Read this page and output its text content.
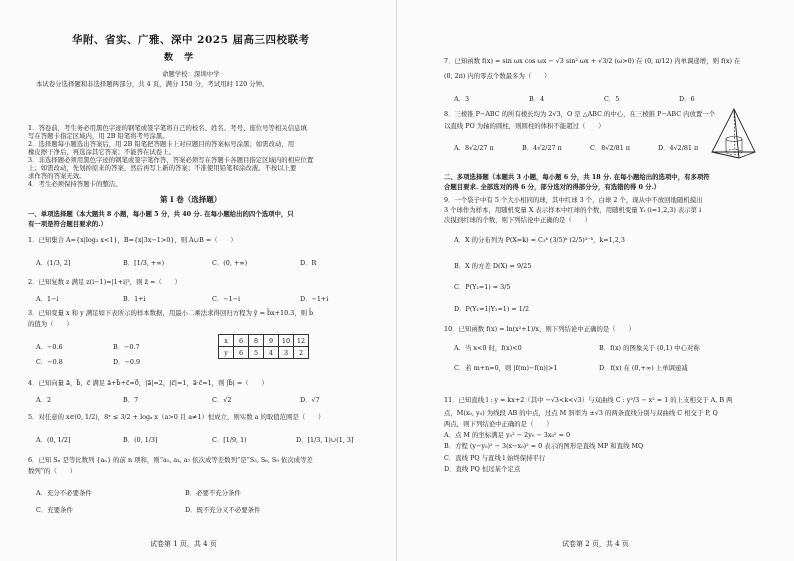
华附、省实、广雅、深中 2025 届高三四校联考
数 学
命题学校：深圳中学
本试卷分选择题和非选择题两部分，共 4 页，满分 150 分，考试用时 120 分钟。
1．答卷前，考生务必用黑色字迹的钢笔或签字笔将自己的校名、姓名、考号、座位号等相关信息填
写在答题卡指定区域内，用 2B 铅笔将考号涂黑。
2．选择题每小题选出答案后，用 2B 铅笔把答题卡上对应题目的答案标号涂黑；如需改动，用
橡皮擦干净后，再选涂其它答案；不能答在试卷上。
3．非选择题必须用黑色字迹的钢笔或签字笔作答，答案必须写在答题卡各题目指定区域内的相应位置
上；如需改动，先划掉原来的答案，然后再写上新的答案；不准使用铅笔和涂改液。不按以上要
求作答的答案无效。
4．考生必须保持答题卡的整洁。
第 I 卷（选择题）
一、单项选择题（本大题共 8 小题，每小题 5 分，共 40 分. 在每小题给出的四个选项中，只
有一项是符合题目要求的.）
1．已知集合 A={x|log₂ x<1}，B={x|3x−1>0}，则 A∪B =（　　）
A．(1/3, 2]	B．[1/3, +∞)	C．(0, +∞)	D．R
2．已知复数 z 满足 z(i−1)=|1+i|²，则 z̄ =（　　）
A．1−i	B．1+i	C．−1−i	D．−1+i
3．已知变量 x 和 y 满足如下表所示的样本数据，用最小二乘法求得回归方程为 ŷ = b̂x+10.3，则 b̂
的值为（　　）
A．−0.6	B．−0.7
C．−0.8	D．−0.9
x	6	8	9	10	12
y	6	5	4	3	2
4．已知向量 a⃗，b⃗，c⃗ 满足 a⃗+b⃗+c⃗=0⃗，|a⃗|=2，|c⃗|=1，a⃗·c⃗=1，则 |b⃗| =（　　）
A．2	B．7	C．√2	D．√7
5．对任意的 x∈(0, 1/2)，8ˣ ≤ 3/2 + logₐ x（a>0 且 a≠1）恒成立，则实数 a 的取值范围是（　　）
A．(0, 1/2]	B．(0, 1/3]	C．[1/9, 1)	D．[1/3, 1)∪(1, 3]
6．已知 Sₙ 是等比数列 {aₙ} 的前 n 项和，则“a₁, a₄, a₇ 依次成等差数列”是“S₃, S₆, S₉ 依次成等差
数列”的（　　）
A．充分不必要条件	B．必要不充分条件
C．充要条件	D．既不充分又不必要条件
试卷第 1 页，共 4 页
7．已知函数 f(x) = sin ωx cos ωx − √3 sin² ωx + √3/2 (ω>0) 在 (0, π/12) 内单调递增，则 f(x) 在
(0, 2π) 内的零点个数最多为（　　）
A．3	B．4	C．5	D．6
8．三棱锥 P−ABC 的所有棱长均为 2√3，O 是 △ABC 的中心，在三棱锥 P−ABC 内放置一个
以直线 PO 为轴的圆柱，则圆柱的体积不能超过（　　）
A．8√2/27 π	B．4√2/27 π	C．8√2/81 π	D．4√2/81 π
二、多项选择题（本题共 3 小题，每小题 6 分，共 18 分. 在每小题给出的选项中，有多项符
合题目要求. 全部选对的得 6 分，部分选对的得部分分，有选错的得 0 分.）
9．一个袋子中有 5 个大小相同的球，其中红球 3 个，白球 2 个，现从中不放回地随机摸出
3 个球作为样本，用随机变量 X 表示样本中红球的个数，用随机变量 Yᵢ (i=1,2,3) 表示第 i
次摸到红球的个数，则下列结论中正确的是（　　）
A．X 的分布列为 P(X=k) = C₃ᵏ (3/5)ᵏ (2/5)³⁻ᵏ，k=1,2,3
B．X 的方差 D(X) = 9/25
C．P(Y₂=1) = 3/5
D．P(Y₁=1|Y₂=1) = 1/2
10．已知函数 f(x) = ln(x²+1)/x，则下列结论中正确的是（　　）
A．当 x<0 时，f(x)<0	B．f(x) 的图象关于 (0,1) 中心对称
C．若 m+n=0，则 |f(m)−f(n)|>1	D．f(x) 在 (0,+∞) 上单调递减
11．已知直线 l : y = kx+2（其中 −√3<k<√3）与双曲线 C : y²/3 − x² = 1 的上支相交于 A, B 两
点，M(x₀, y₀) 为线段 AB 的中点，过点 M 斜率为 ±√3 的两条直线分别与双曲线 C 相交于 P, Q
两点，则下列结论中正确的是（　　）
A．点 M 的坐标满足 y₀² − 2y₀ − 3x₀² = 0
B．方程 (y−y₀)² − 3(x−x₀)² = 0 表示的图形是直线 MP 和直线 MQ
C．直线 PQ 与直线 l 始终保持平行
D．直线 PQ 恒过某个定点
试卷第 2 页，共 4 页
